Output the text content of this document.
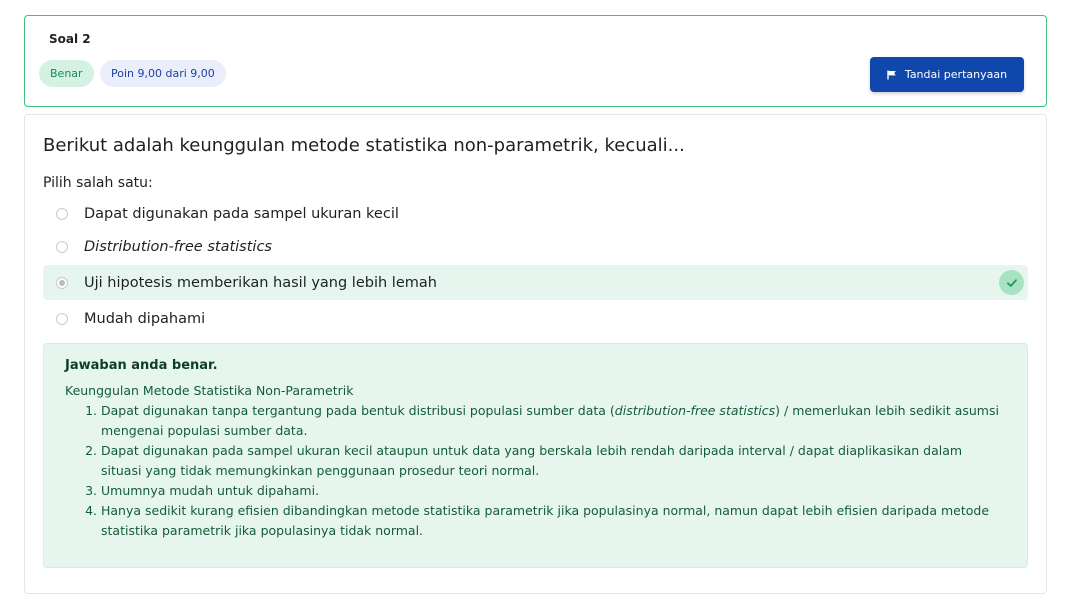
Soal 2
Benar	Poin 9,00 dari 9,00	Tandai pertanyaan
Berikut adalah keunggulan metode statistika non-parametrik, kecuali...
Pilih salah satu:
Dapat digunakan pada sampel ukuran kecil
Distribution-free statistics
Uji hipotesis memberikan hasil yang lebih lemah
Mudah dipahami
Jawaban anda benar.
Keunggulan Metode Statistika Non-Parametrik
1. Dapat digunakan tanpa tergantung pada bentuk distribusi populasi sumber data (distribution-free statistics) / memerlukan lebih sedikit asumsi mengenai populasi sumber data.
2. Dapat digunakan pada sampel ukuran kecil ataupun untuk data yang berskala lebih rendah daripada interval / dapat diaplikasikan dalam situasi yang tidak memungkinkan penggunaan prosedur teori normal.
3. Umumnya mudah untuk dipahami.
4. Hanya sedikit kurang efisien dibandingkan metode statistika parametrik jika populasinya normal, namun dapat lebih efisien daripada metode statistika parametrik jika populasinya tidak normal.
